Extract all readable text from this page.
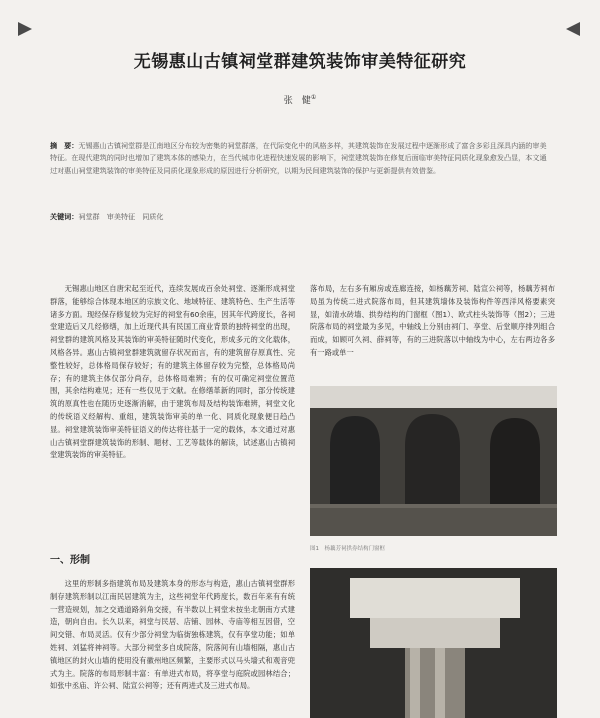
无锡惠山古镇祠堂群建筑装饰审美特征研究
张　健①
摘　要：无锡惠山古镇祠堂群是江南地区分布较为密集的祠堂群落，在代际变化中的风格多样，其建筑装饰在发展过程中逐渐形成了富含多彩且深具内涵的审美特征。在现代建筑的同时也增加了建筑本体的感染力，在当代城市化进程快速发展的影响下，祠堂建筑装饰在修复后面临审美特征同质化现象愈发凸显，本文通过对惠山祠堂建筑装饰的审美特征及同质化现象形成的原因进行分析研究，以期为民间建筑装饰的保护与更新提供有效借鉴。
关键词：祠堂群　审美特征　同质化

无锡惠山地区自唐宋起至近代，连续发展成百余处祠堂、逐渐形成祠堂群落，能够综合体现本地区的宗族文化、地域特征、建筑特色、生产生活等诸多方面。现经保存修复较为完好的祠堂有60余座，因其年代跨度长，各祠堂建造后又几经修缮，加上近现代具有民国工商业背景的独特祠堂的出现，祠堂群的建筑风格及其装饰的审美特征随时代变化，形成多元的文化载体，风格各异。惠山古镇祠堂群建筑就留存状况而言，有的建筑留存原真性、完整性较好，总体格局保存较好；有的建筑主体留存较为完整，总体格局尚存；有的建筑主体仅部分尚存，总体格局难辨；有的仅可确定祠堂位置范围，其余结构难见；还有一些仅见于文献。在修缮革新的同时，部分传统建筑的原真性也在随历史逐渐消解，由于建筑布局及结构装饰难辨，祠堂文化的传统语义经解构、重组，建筑装饰审美的单一化、同质化现象便日趋凸显。祠堂建筑装饰审美特征语义的传达将往基于一定的载体，本文通过对惠山古镇祠堂群建筑装饰的形制、题材、工艺等载体的解读，试述惠山古镇祠堂建筑装饰的审美特征。

一、形制

这里的形制多指建筑布局及建筑本身的形态与构造，惠山古镇祠堂群形制存建筑形制以江南民居建筑为主，这些祠堂年代跨度长，数百年来有有统一营造规划，加之交通道路斜角交接，有半数以上祠堂未按坐北朝南方式建造，朝向自由。长久以来，祠堂与民居、店铺、园林、寺庙等相互因借，空间交错、布局灵活。仅有少部分祠堂为临街独栋建筑，仅有享堂功能；如单姓祠、刘猛将神祠等。大部分祠堂多自成院落，院落间有山墙相隔，惠山古镇地区的封火山墙的使用没有徽州地区频繁，主要形式以马头墙式和观音兜式为主。院落的布局形制丰富：有单进式布局，将享堂与庭院或园林结合；如张中丞庙、许公祠、陆宣公祠等；还有两进式及三进式布局。

落布局，左右多有厢房或连廊连接，如杨藕芳祠、陆宣公祠等，杨藕芳祠布局虽为传统二进式院落布局，但其建筑墙体及装饰构件等西洋风格要素突显，如清水砖墙、拱券结构的门窗框（图1）、欧式柱头装饰等（图2）；三进院落布局的祠堂最为多见，中轴线上分别由祠门、享堂、后堂顺序排列组合而成，如顾可久祠、薛祠等，有的三进院落以中轴线为中心，左右两边各多有一路或单一

图1　杨藕芳祠拱券结构门窗框
